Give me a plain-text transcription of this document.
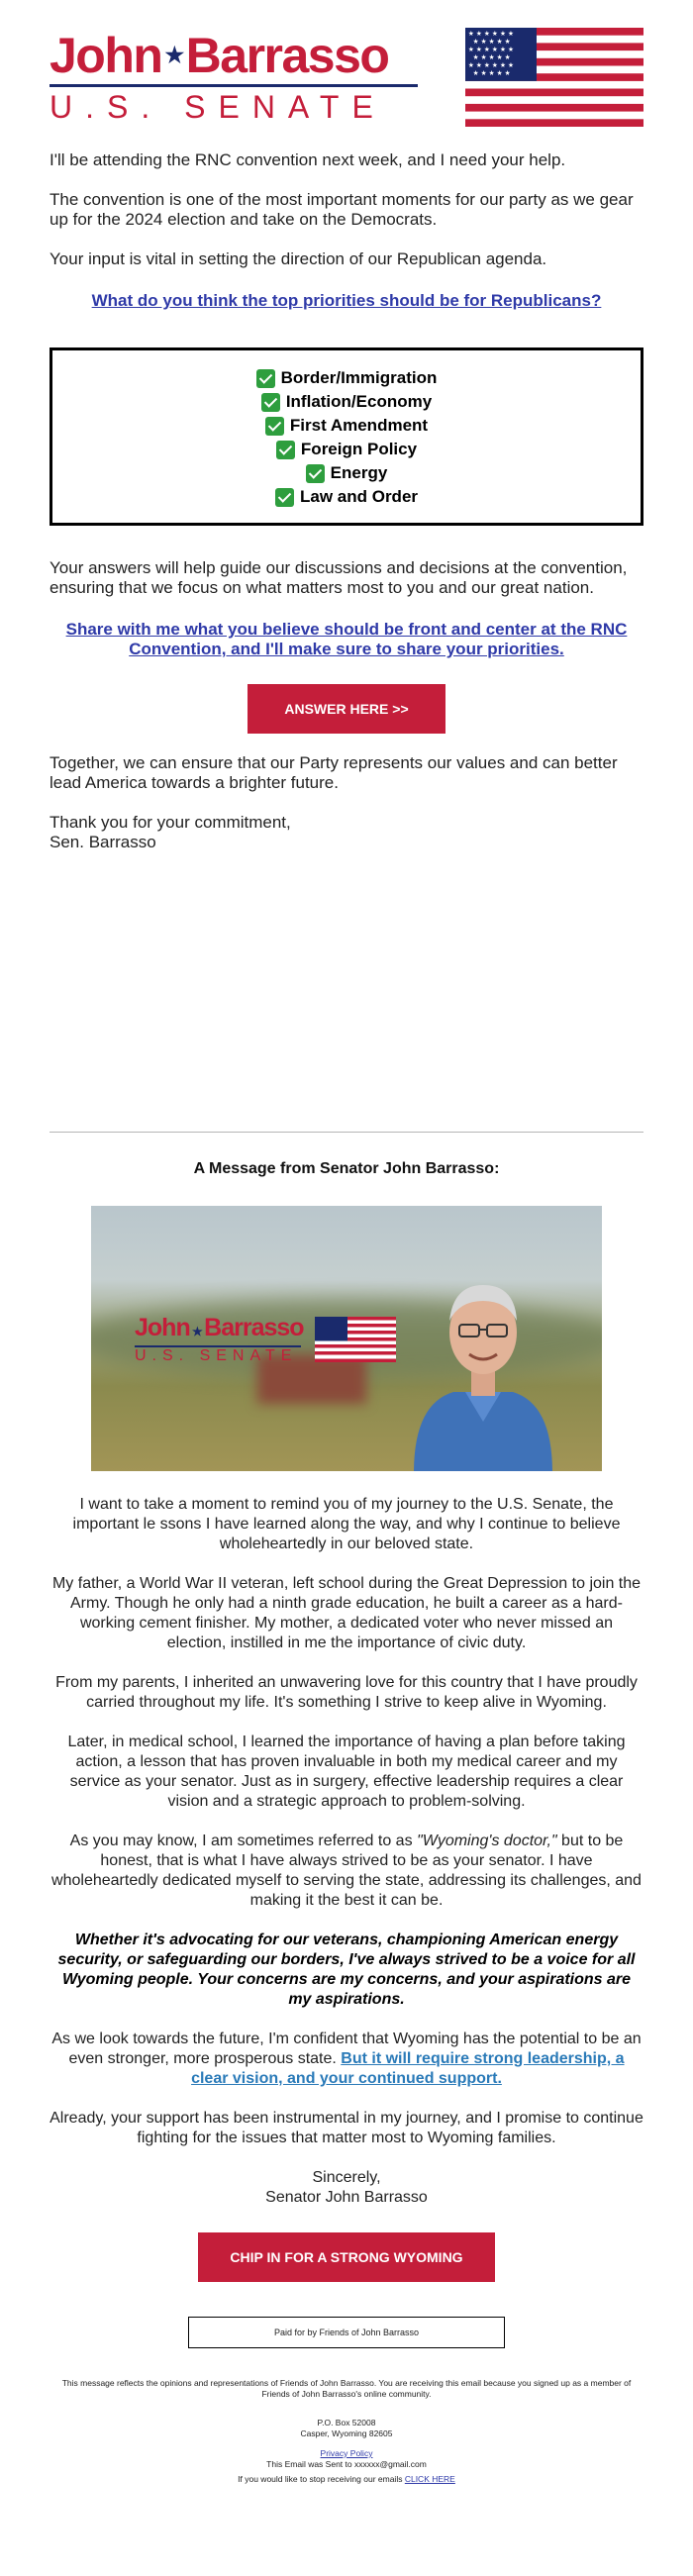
John ★ Barrasso
U.S. SENATE
★ ★ ★ ★ ★ ★
★ ★ ★ ★ ★
★ ★ ★ ★ ★ ★
★ ★ ★ ★ ★
★ ★ ★ ★ ★ ★
★ ★ ★ ★ ★

I'll be attending the RNC convention next week, and I need your help.

The convention is one of the most important moments for our party as we gear up for the 2024 election and take on the Democrats.

Your input is vital in setting the direction of our Republican agenda.

What do you think the top priorities should be for Republicans?
Border/Immigration
Inflation/Economy
First Amendment
Foreign Policy
Energy
Law and Order

Your answers will help guide our discussions and decisions at the convention, ensuring that we focus on what matters most to you and our great nation.

Share with me what you believe should be front and center at the RNC Convention, and I'll make sure to share your priorities.
ANSWER HERE >>

Together, we can ensure that our Party represents our values and can better lead America towards a brighter future.

Thank you for your commitment,

Sen. Barrasso

A Message from Senator John Barrasso:
John ★ Barrasso
U.S. SENATE

I want to take a moment to remind you of my journey to the U.S. Senate, the important le ssons I have learned along the way, and why I continue to believe wholeheartedly in our beloved state.

My father, a World War II veteran, left school during the Great Depression to join the Army. Though he only had a ninth grade education, he built a career as a hard-working cement finisher. My mother, a dedicated voter who never missed an election, instilled in me the importance of civic duty.

From my parents, I inherited an unwavering love for this country that I have proudly carried throughout my life. It's something I strive to keep alive in Wyoming.

Later, in medical school, I learned the importance of having a plan before taking action, a lesson that has proven invaluable in both my medical career and my service as your senator. Just as in surgery, effective leadership requires a clear vision and a strategic approach to problem-solving.

As you may know, I am sometimes referred to as "Wyoming's doctor," but to be honest, that is what I have always strived to be as your senator. I have wholeheartedly dedicated myself to serving the state, addressing its challenges, and making it the best it can be.

Whether it's advocating for our veterans, championing American energy security, or safeguarding our borders, I've always strived to be a voice for all Wyoming people. Your concerns are my concerns, and your aspirations are my aspirations.

As we look towards the future, I'm confident that Wyoming has the potential to be an even stronger, more prosperous state. But it will require strong leadership, a clear vision, and your continued support.

Already, your support has been instrumental in my journey, and I promise to continue fighting for the issues that matter most to Wyoming families.

Sincerely,

Senator John Barrasso

CHIP IN FOR A STRONG WYOMING
Paid for by Friends of John Barrasso

This message reflects the opinions and representations of Friends of John Barrasso. You are receiving this email because you signed up as a member of Friends of John Barrasso's online community.

P.O. Box 52008

Casper, Wyoming 82605

Privacy Policy

This Email was Sent to xxxxxx@gmail.com

If you would like to stop receiving our emails CLICK HERE
